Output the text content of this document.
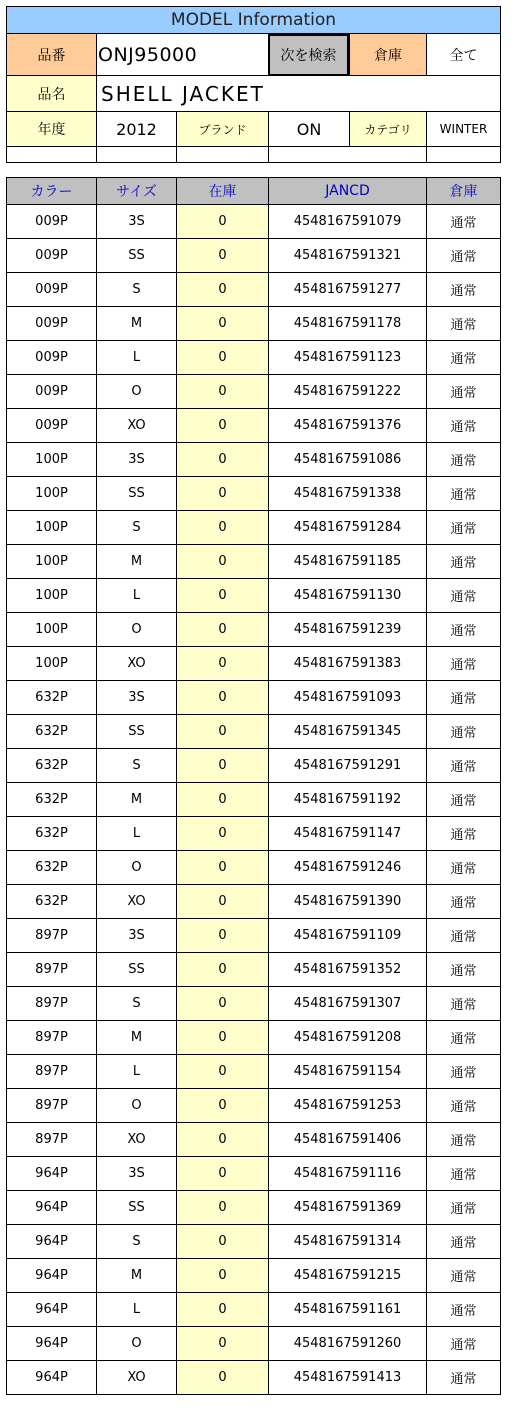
MODEL Information
品番	ONJ95000	次を検索	倉庫	全て
品名	SHELL JACKET
年度	2012	ブランド	ON	カテゴリ	WINTER
カラー	サイズ	在庫	JANCD	倉庫
009P	3S	0	4548167591079	通常
009P	SS	0	4548167591321	通常
009P	S	0	4548167591277	通常
009P	M	0	4548167591178	通常
009P	L	0	4548167591123	通常
009P	O	0	4548167591222	通常
009P	XO	0	4548167591376	通常
100P	3S	0	4548167591086	通常
100P	SS	0	4548167591338	通常
100P	S	0	4548167591284	通常
100P	M	0	4548167591185	通常
100P	L	0	4548167591130	通常
100P	O	0	4548167591239	通常
100P	XO	0	4548167591383	通常
632P	3S	0	4548167591093	通常
632P	SS	0	4548167591345	通常
632P	S	0	4548167591291	通常
632P	M	0	4548167591192	通常
632P	L	0	4548167591147	通常
632P	O	0	4548167591246	通常
632P	XO	0	4548167591390	通常
897P	3S	0	4548167591109	通常
897P	SS	0	4548167591352	通常
897P	S	0	4548167591307	通常
897P	M	0	4548167591208	通常
897P	L	0	4548167591154	通常
897P	O	0	4548167591253	通常
897P	XO	0	4548167591406	通常
964P	3S	0	4548167591116	通常
964P	SS	0	4548167591369	通常
964P	S	0	4548167591314	通常
964P	M	0	4548167591215	通常
964P	L	0	4548167591161	通常
964P	O	0	4548167591260	通常
964P	XO	0	4548167591413	通常
